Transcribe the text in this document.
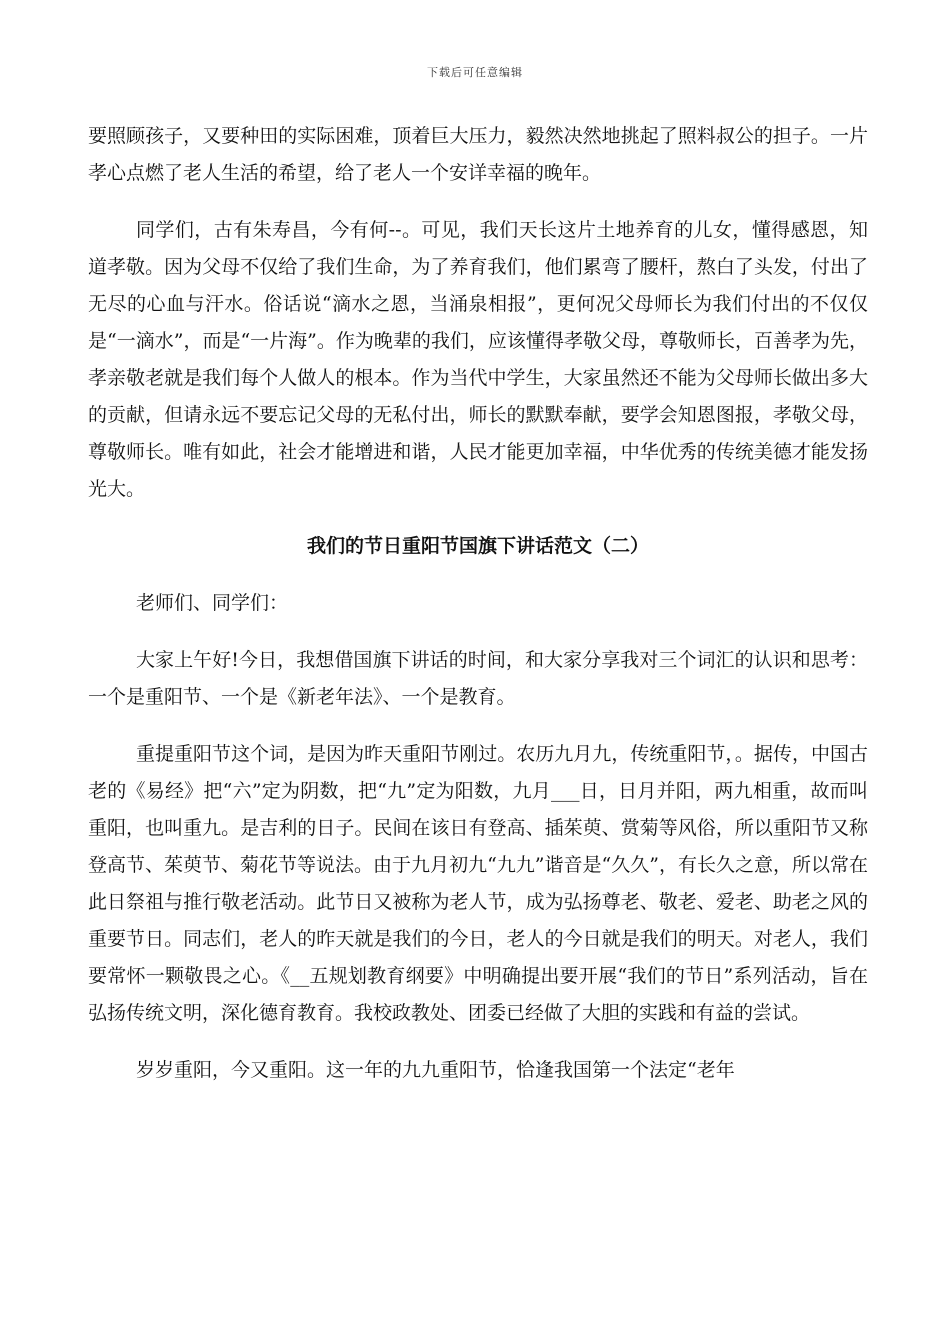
下载后可任意编辑

要照顾孩子，又要种田的实际困难，顶着巨大压力，毅然决然地挑起了照料叔公的担子。一片孝心点燃了老人生活的希望，给了老人一个安详幸福的晚年。

同学们，古有朱寿昌，今有何--。可见，我们天长这片土地养育的儿女，懂得感恩，知道孝敬。因为父母不仅给了我们生命，为了养育我们，他们累弯了腰杆，熬白了头发，付出了无尽的心血与汗水。俗话说“滴水之恩，当涌泉相报”，更何况父母师长为我们付出的不仅仅是“一滴水”，而是“一片海”。作为晚辈的我们，应该懂得孝敬父母，尊敬师长，百善孝为先，孝亲敬老就是我们每个人做人的根本。作为当代中学生，大家虽然还不能为父母师长做出多大的贡献，但请永远不要忘记父母的无私付出，师长的默默奉献，要学会知恩图报，孝敬父母，尊敬师长。唯有如此，社会才能增进和谐，人民才能更加幸福，中华优秀的传统美德才能发扬光大。

我们的节日重阳节国旗下讲话范文（二）

老师们、同学们：

大家上午好!今日，我想借国旗下讲话的时间，和大家分享我对三个词汇的认识和思考：一个是重阳节、一个是《新老年法》、一个是教育。

重提重阳节这个词，是因为昨天重阳节刚过。农历九月九，传统重阳节，。据传，中国古老的《易经》把“六”定为阴数，把“九”定为阳数，九月___日，日月并阳，两九相重，故而叫重阳，也叫重九。是吉利的日子。民间在该日有登高、插茱萸、赏菊等风俗，所以重阳节又称登高节、茱萸节、菊花节等说法。由于九月初九“九九”谐音是“久久”，有长久之意，所以常在此日祭祖与推行敬老活动。此节日又被称为老人节，成为弘扬尊老、敬老、爱老、助老之风的重要节日。同志们，老人的昨天就是我们的今日，老人的今日就是我们的明天。对老人，我们要常怀一颗敬畏之心。《__五规划教育纲要》中明确提出要开展“我们的节日”系列活动，旨在弘扬传统文明，深化德育教育。我校政教处、团委已经做了大胆的实践和有益的尝试。

岁岁重阳，今又重阳。这一年的九九重阳节，恰逢我国第一个法定“老年
